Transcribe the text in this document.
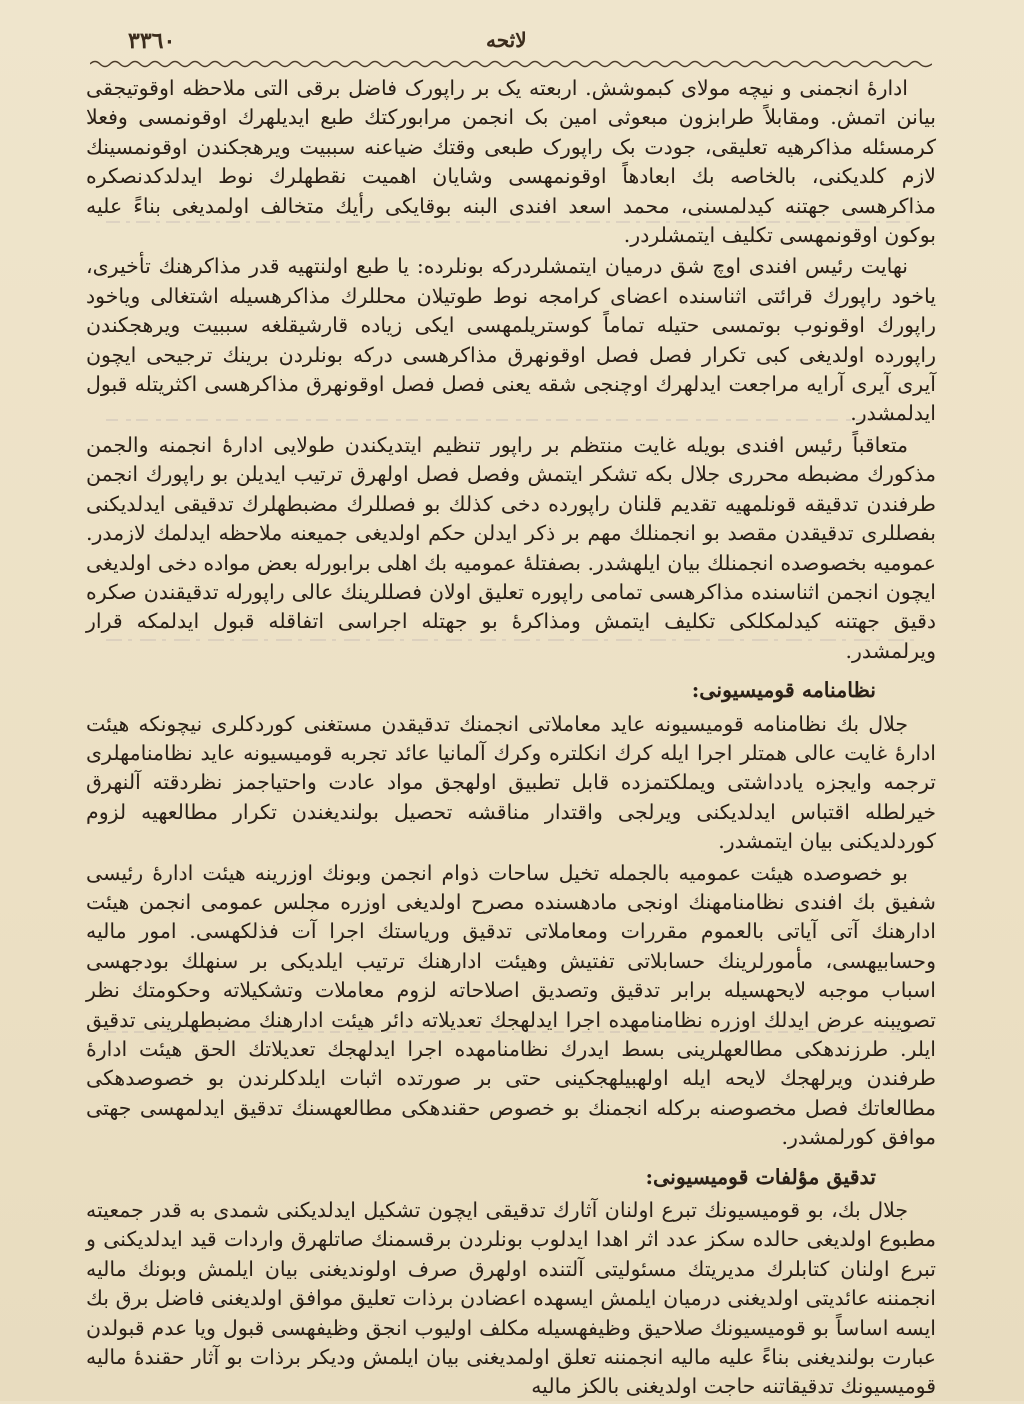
٣٣٦٠	لاثحه

ادارهٔ انجمنی و نیچه مولای کبموشش. اربعته یک بر راپورک فاضل برقی التی ملاحظه اوقوتیجقی بیانن اتمش. ومقابلاً طرابزون مبعوثی امین بک انجمن مرابورکتك طبع ایدیلهرك اوقونمسی وفعلا کرمسئله مذاکرهیه تعلیقی، جودت بک راپورک طبعی وقتك ضیاعنه سببیت ویرهجکندن اوقونمسینك لازم کلدیکنی، بالخاصه بك ابعادهاً اوقونمهسی وشایان اهمیت نقطهلرك نوط ایدلدکدنصکره مذاکرهسی جهتنه کیدلمسنی، محمد اسعد افندی البنه بوقایکی رأیك متخالف اولمدیغی بناءً علیه بوکون اوقونمهسی تکلیف ایتمشلردر.

نهایت رئیس افندی اوچ شق درمیان ایتمشلردرکه بونلرده: یا طبع اولنتهیه قدر مذاکرهنك تأخیری، یاخود راپورك قرائتی اثناسنده اعضای کرامجه نوط طوتیلان محللرك مذاکرهسیله اشتغالی ویاخود راپورك اوقونوب بوتمسی حتیله تماماً کوستریلمهسی ایکی زیاده قارشیقلغه سببیت ویرهجکندن راپورده اولدیغی کبی تکرار فصل فصل اوقونهرق مذاکرهسی درکه بونلردن برینك ترجیحی ایچون آیری آیری آرایه مراجعت ایدلهرك اوچنجی شقه یعنی فصل فصل اوقونهرق مذاکرهسی اکثریتله قبول ایدلمشدر.

متعاقباً رئیس افندی بویله غایت منتظم بر راپور تنظیم ایتدیکندن طولایی ادارهٔ انجمنه والجمن مذکورك مضبطه محرری جلال بکه تشکر ایتمش وفصل فصل اولهرق ترتیب ایدیلن بو راپورك انجمن طرفندن تدقیقه قونلمهیه تقدیم قلنان راپورده دخی کذلك بو فصللرك مضبطهلرك تدقیقی ایدلدیکنی بفصللری تدقیقدن مقصد بو انجمنلك مهم بر ذکر ایدلن حکم اولدیغی جمیعنه ملاحظه ایدلمك لازمدر. عمومیه بخصوصده انجمنلك بیان ایلهشدر. بصفتلهٔ عمومیه بك اهلی برابورله بعض مواده دخی اولدیغی ایچون انجمن اثناسنده مذاکرهسی تمامی راپوره تعلیق اولان فصللرینك عالی راپورله تدقیقندن صکره دقیق جهتنه کیدلمکلکی تکلیف ایتمش ومذاکرهٔ بو جهتله اجراسی اتفاقله قبول ایدلمکه قرار ویرلمشدر.

نظامنامه قومیسیونی:

جلال بك نظامنامه قومیسیونه عاید معاملاتی انجمنك تدقیقدن مستغنی کوردکلری نیچونکه هیئت ادارهٔ غایت عالی همتلر اجرا ایله کرك انکلتره وکرك آلمانیا عائد تجربه قومیسیونه عاید نظامنامهلری ترجمه وایجزه یادداشتی ویملکتمزده قابل تطبیق اولهجق مواد عادت واحتیاجمز نظردقته آلنهرق خیرلطله اقتباس ایدلدیکنی ویرلجی واقتدار مناقشه تحصیل بولندیغندن تکرار مطالعهیه لزوم کوردلدیکنی بیان ایتمشدر.

بو خصوصده هیئت عمومیه بالجمله تخیل ساحات ذوام انجمن وبونك اوزرینه هیئت ادارهٔ رئیسی شفیق بك افندی نظامنامهنك اونجی مادهسنده مصرح اولدیغی اوزره مجلس عمومی انجمن هیئت ادارهنك آتی آیاتی بالعموم مقررات ومعاملاتی تدقیق وریاستك اجرا آت فذلکهسی. امور مالیه وحسابیهسی، مأمورلرینك حسابلاتی تفتیش وهیئت ادارهنك ترتیب ایلدیکی بر سنهلك بودجهسی اسباب موجبه لایحهسیله برابر تدقیق وتصدیق اصلاحاته لزوم معاملات وتشکیلاته وحکومتك نظر تصویبنه عرض ایدلك اوزره نظامنامهده اجرا ایدلهجك تعدیلاته دائر هیئت ادارهنك مضبطهلرینی تدقیق ایلر. طرزندهکی مطالعهلرینی بسط ایدرك نظامنامهده اجرا ایدلهجك تعدیلاتك الحق هیئت ادارهٔ طرفندن ویرلهجك لایحه ایله اولهبیلهجکینی حتی بر صورتده اثبات ایلدکلرندن بو خصوصدهکی مطالعاتك فصل مخصوصنه برکله انجمنك بو خصوص حقندهکی مطالعهسنك تدقیق ایدلمهسی جهتی موافق کورلمشدر.

تدقیق مؤلفات قومیسیونی:

جلال بك، بو قومیسیونك تبرع اولنان آثارك تدقیقی ایچون تشکیل ایدلدیکنی شمدی به قدر جمعیته مطبوع اولدیغی حالده سکز عدد اثر اهدا ایدلوب بونلردن برقسمنك صاتلهرق واردات قید ایدلدیکنی و تبرع اولنان کتابلرك مدیریتك مسئولیتی آلتنده اولهرق صرف اولوندیغنی بیان ایلمش وبونك مالیه انجمننه عائدیتی اولدیغنی درمیان ایلمش ایسهده اعضادن برذات تعلیق موافق اولدیغنی فاضل برق بك ایسه اساساً بو قومیسیونك صلاحیق وظیفهسیله مکلف اولیوب انجق وظیفهسی قبول ویا عدم قبولدن عبارت بولندیغنی بناءً علیه مالیه انجمننه تعلق اولمدیغنی بیان ایلمش ودیکر برذات بو آثار حقندهٔ مالیه قومیسیونك تدقیقاتنه حاجت اولدیغنی بالکز مالیه
